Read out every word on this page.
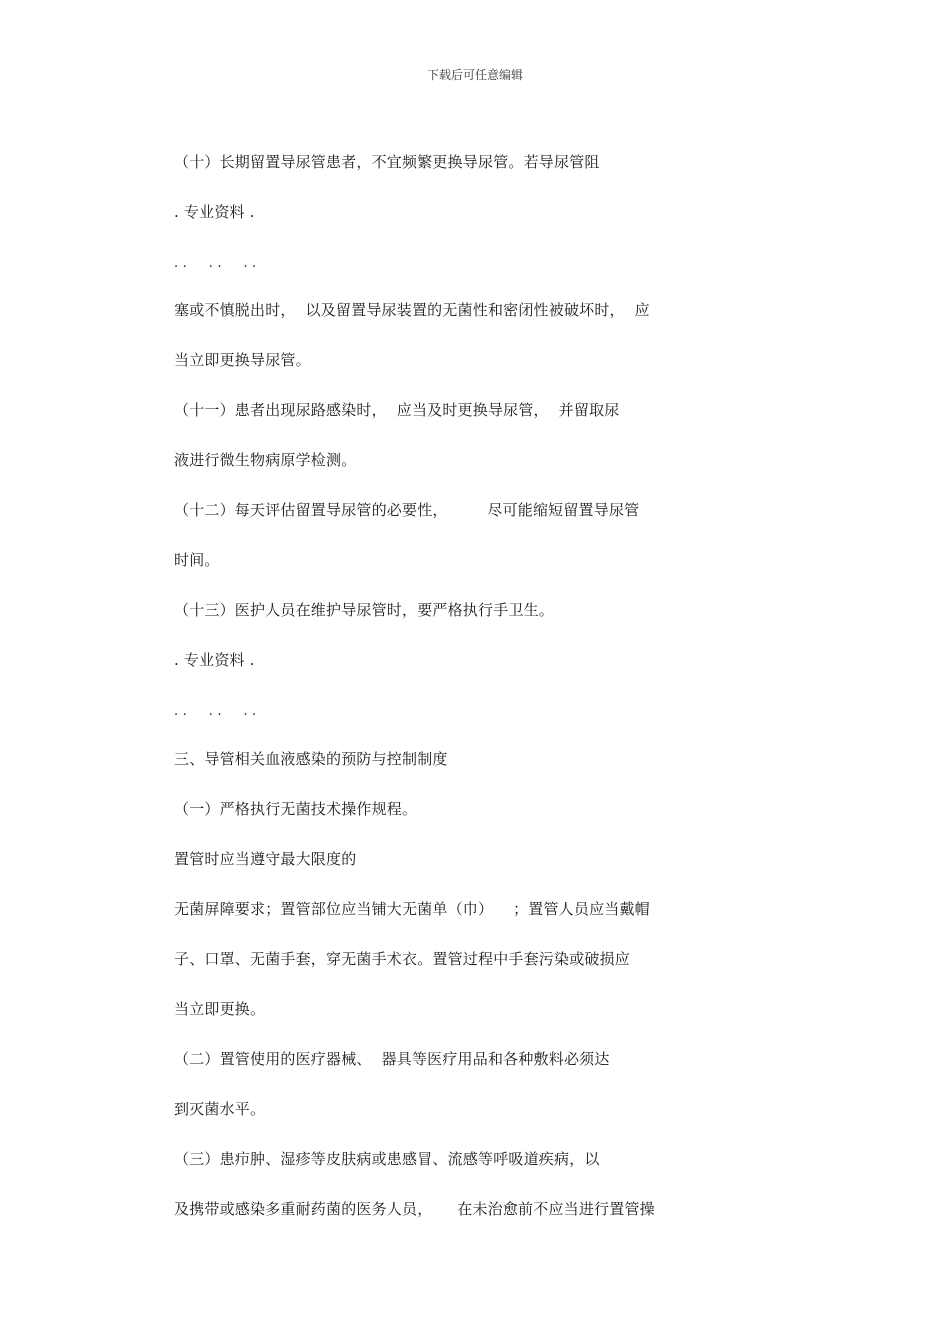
下载后可任意编辑
（十）长期留置导尿管患者，不宜频繁更换导尿管。若导尿管阻
. 专业资料 .
. .     . .     . .
塞或不慎脱出时，  以及留置导尿装置的无菌性和密闭性被破坏时，  应
当立即更换导尿管。
（十一）患者出现尿路感染时，  应当及时更换导尿管，  并留取尿
液进行微生物病原学检测。
（十二）每天评估留置导尿管的必要性，        尽可能缩短留置导尿管
时间。
（十三）医护人员在维护导尿管时，要严格执行手卫生。
. 专业资料 .
. .     . .     . .
三、导管相关血液感染的预防与控制制度
（一）严格执行无菌技术操作规程。
置管时应当遵守最大限度的
无菌屏障要求；置管部位应当铺大无菌单（巾）    ；置管人员应当戴帽
子、口罩、无菌手套，穿无菌手术衣。置管过程中手套污染或破损应
当立即更换。
（二）置管使用的医疗器械、  器具等医疗用品和各种敷料必须达
到灭菌水平。
（三）患疖肿、湿疹等皮肤病或患感冒、流感等呼吸道疾病，以
及携带或感染多重耐药菌的医务人员，     在未治愈前不应当进行置管操
